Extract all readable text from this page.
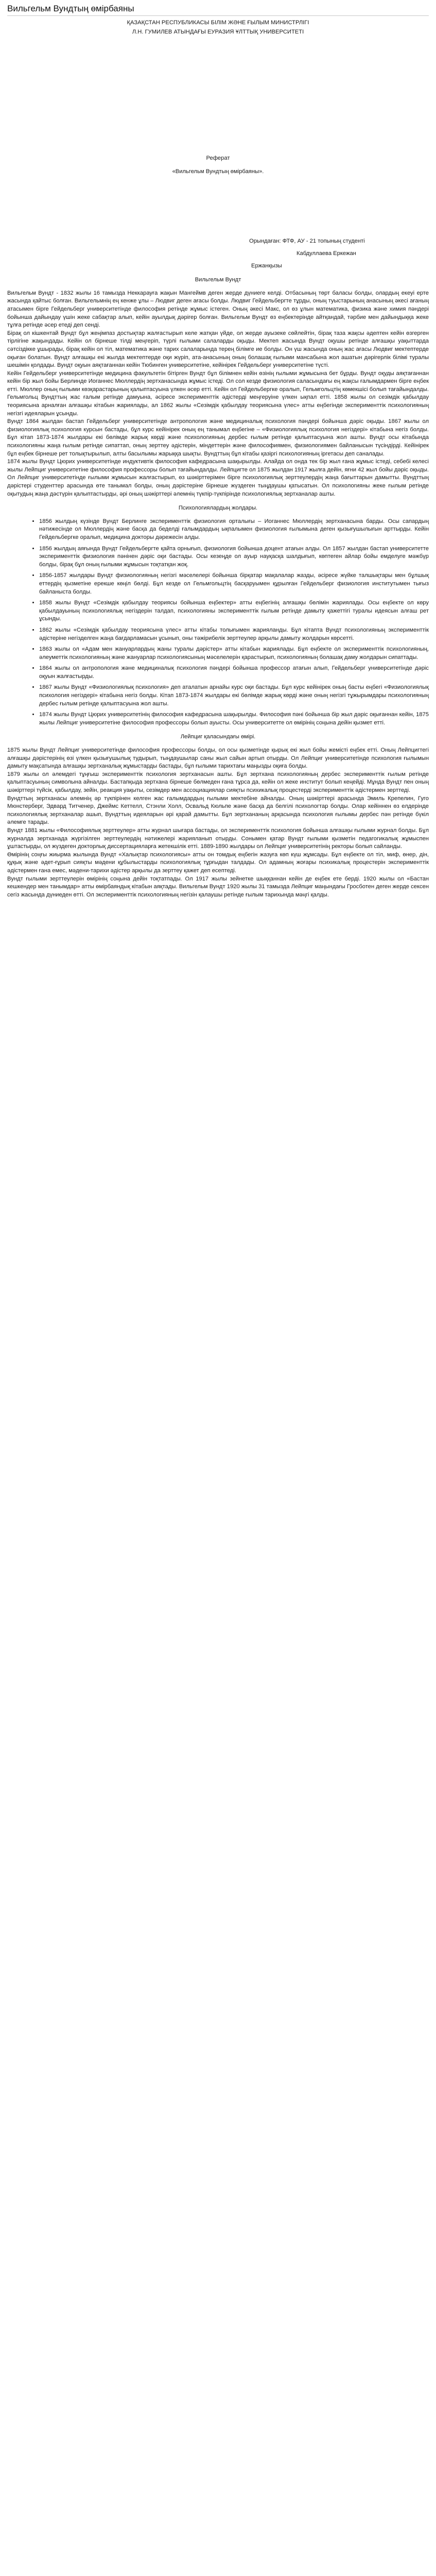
Вильгельм Вундтың өмірбаяны

ҚАЗАҚСТАН РЕСПУБЛИКАСЫ БІЛІМ ЖӘНЕ ҒЫЛЫМ МИНИСТРЛІГІ

Л.Н. ГУМИЛЕВ АТЫНДАҒЫ ЕУРАЗИЯ ҰЛТТЫҚ УНИВЕРСИТЕТІ

Реферат

«Вильгельм Вундтың өмірбаяны».

Орындаған: ФТФ, АУ - 21 топының студенті

Кабдуллаева Еркежан

Ержанқызы

Вильгельм Вундт

Вильгельм Вундт - 1832 жылы 16 тамызда Неккарауға жақын Мангеймв деген жерде дүниеге келді. Отбасының төрт баласы болды, олардың екеуі ерте жасында қайтыс болған. Вильгельмнің ең кенже ұлы – Людвиг деген ағасы болды. Людвиг Гейдельбергте тұрды, оның туыстарының анасының әкесі ағаның атасымен бірге Гейдельберг университетінде философия ретінде жұмыс істеген. Оның әкесі Макс, ол өз ұлын математика, физика және химия пәндері бойынша дайындау үшін жеке сабақтар алып, кейін ауылдық дәрігер болған. Вильгельм Вундт өз еңбектерінде айтқандай, тәрбие мен дайындыққа жеке тұлға ретінде әсер етеді деп сенді.

Бірақ ол кішкентай Вундт бұл жеңімпаз достықтар жалғастырып келе жатқан үйде, ол жерде ауызеке сөйлейтін, бірақ таза жақсы әдептен кейін өзгерген тірлігіне жақындады. Кейін ол бірнеше тілді меңгеріп, түрлі ғылыми салаларды оқыды. Мектеп жасында Вундт оқушы ретінде алғашқы уақыттарда сәтсіздікке ұшырады, бірақ кейін ол тіл, математика және тарих салаларында терең білімге ие болды. Он үш жасында оның жас ағасы Людвиг мектептерде оқыған болатын. Вундт алғашқы екі жылда мектептерде оқи жүріп, ата-анасының оның болашақ ғылыми мансабына жол ашатын дәрігерлік білімі туралы шешімін қолдады. Вундт оқуын аяқтағаннан кейін Тюбинген университетіне, кейінірек Гейдельберг университетіне түсті.

Кейін Гейдельберг университетінде медицина факультетін бітірген Вундт бұл білімнен кейін өзінің ғылыми жұмысына бет бұрды. Вундт оқуды аяқтағаннан кейін бір жыл бойы Берлинде Иоганнес Мюллердің зертханасында жұмыс істеді. Ол сол кезде физиология саласындағы ең жақсы ғалымдармен бірге еңбек етті. Мюллер оның ғылыми көзқарастарының қалыптасуына үлкен әсер етті. Кейін ол Гейдельбергке оралып, Гельмгольцтің көмекшісі болып тағайындалды. Гельмгольц Вундттың жас ғалым ретінде дамуына, әсіресе эксперименттік әдістерді меңгеруіне үлкен ықпал етті. 1858 жылы ол сезімдік қабылдау теориясына арналған алғашқы кітабын жариялады, ал 1862 жылы «Сезімдік қабылдау теориясына үлес» атты еңбегінде эксперименттік психологияның негізгі идеяларын ұсынды.

Вундт 1864 жылдан бастап Гейдельберг университетінде антропология және медициналық психология пәндері бойынша дәріс оқыды. 1867 жылы ол физиологиялық психология курсын бастады, бұл курс кейінірек оның ең танымал еңбегіне – «Физиологиялық психология негіздері» кітабына негіз болды. Бұл кітап 1873-1874 жылдары екі бөлімде жарық көрді және психологияның дербес ғылым ретінде қалыптасуына жол ашты. Вундт осы кітабында психологияны жаңа ғылым ретінде сипаттап, оның зерттеу әдістерін, міндеттерін және философиямен, физиологиямен байланысын түсіндірді. Кейінірек бұл еңбек бірнеше рет толықтырылып, алты басылымы жарыққа шықты. Вундттың бұл кітабы қазіргі психологияның іргетасы деп саналады.

1874 жылы Вундт Цюрих университетінде индуктивтік философия кафедрасына шақырылды. Алайда ол онда тек бір жыл ғана жұмыс істеді, себебі келесі жылы Лейпциг университетіне философия профессоры болып тағайындалды. Лейпцигте ол 1875 жылдан 1917 жылға дейін, яғни 42 жыл бойы дәріс оқыды. Ол Лейпциг университетінде ғылыми жұмысын жалғастырып, өз шәкірттерімен бірге психологиялық зерттеулердің жаңа бағыттарын дамытты. Вундттың дәрістері студенттер арасында өте танымал болды, оның дәрістеріне бірнеше жүздеген тыңдаушы қатысатын. Ол психологияны жеке ғылым ретінде оқытудың жаңа дәстүрін қалыптастырды, әрі оның шәкірттері әлемнің түкпір-түкпірінде психологиялық зертханалар ашты.

Психологиялардың жолдары.

• 1856 жылдың күзінде Вундт Берлинге эксперименттік физиология орталығы – Иоганнес Мюллердің зертханасына барды. Осы сапардың нәтижесінде ол Мюллердің және басқа да беделді ғалымдардың ықпалымен физиология ғылымына деген қызығушылығын арттырды. Кейін Гейдельбергке оралып, медицина докторы дәрежесін алды.
• 1856 жылдың аяғында Вундт Гейдельбергте қайта орнығып, физиология бойынша доцент атағын алды. Ол 1857 жылдан бастап университетте эксперименттік физиология пәнінен дәріс оқи бастады. Осы кезеңде ол ауыр науқасқа шалдығып, көптеген айлар бойы емделуге мәжбүр болды, бірақ бұл оның ғылыми жұмысын тоқтатқан жоқ.
• 1856-1857 жылдары Вундт физиологияның негізгі мәселелері бойынша бірқатар мақалалар жазды, әсіресе жүйке талшықтары мен бұлшық еттердің қызметіне ерекше көңіл бөлді. Бұл кезде ол Гельмгольцтің басқаруымен құрылған Гейдельберг физиология институтымен тығыз байланыста болды.
• 1858 жылы Вундт «Сезімдік қабылдау теориясы бойынша еңбектер» атты еңбегінің алғашқы бөлімін жариялады. Осы еңбекте ол көру қабылдауының психологиялық негіздерін талдап, психологияны эксперименттік ғылым ретінде дамыту қажеттігі туралы идеясын алғаш рет ұсынды.
• 1862 жылы «Сезімдік қабылдау теориясына үлес» атты кітабы толығымен жарияланды. Бұл кітапта Вундт психологияның эксперименттік әдістеріне негізделген жаңа бағдарламасын ұсынып, оны тәжірибелік зерттеулер арқылы дамыту жолдарын көрсетті.
• 1863 жылы ол «Адам мен жануарлардың жаны туралы дәрістер» атты кітабын жариялады. Бұл еңбекте ол эксперименттік психологияның, әлеуметтік психологияның және жануарлар психологиясының мәселелерін қарастырып, психологияның болашақ даму жолдарын сипаттады.
• 1864 жылы ол антропология және медициналық психология пәндері бойынша профессор атағын алып, Гейдельберг университетінде дәріс оқуын жалғастырды.
• 1867 жылы Вундт «Физиологиялық психология» деп аталатын арнайы курс оқи бастады. Бұл курс кейінірек оның басты еңбегі «Физиологиялық психология негіздері» кітабына негіз болды. Кітап 1873-1874 жылдары екі бөлімде жарық көрді және оның негізгі тұжырымдары психологияның дербес ғылым ретінде қалыптасуына жол ашты.
• 1874 жылы Вундт Цюрих университетінің философия кафедрасына шақырылды. Философия пәні бойынша бір жыл дәріс оқығаннан кейін, 1875 жылы Лейпциг университетіне философия профессоры болып ауысты. Осы университетте ол өмірінің соңына дейін қызмет етті.

Лейпциг қаласындағы өмірі.

1875 жылы Вундт Лейпциг университетінде философия профессоры болды, ол осы қызметінде қырық екі жыл бойы жемісті еңбек етті. Оның Лейпцигтегі алғашқы дәрістерінің өзі үлкен қызығушылық тудырып, тыңдаушылар саны жыл сайын артып отырды. Ол Лейпциг университетінде психология ғылымын дамыту мақсатында алғашқы зертханалық жұмыстарды бастады, бұл ғылыми тарихтағы маңызды оқиға болды.

1879 жылы ол әлемдегі тұңғыш эксперименттік психология зертханасын ашты. Бұл зертхана психологияның дербес эксперименттік ғылым ретінде қалыптасуының символына айналды. Бастапқыда зертхана бірнеше бөлмеден ғана тұрса да, кейін ол жеке институт болып кеңейді. Мұнда Вундт пен оның шәкірттері түйсік, қабылдау, зейін, реакция уақыты, сезімдер мен ассоциациялар сияқты психикалық процестерді эксперименттік әдістермен зерттеді.

Вундттың зертханасы әлемнің әр түкпірінен келген жас ғалымдардың ғылыми мектебіне айналды. Оның шәкірттері арасында Эмиль Крепелин, Гуго Мюнстерберг, Эдвард Титченер, Джеймс Кеттелл, Стэнли Холл, Освальд Кюльпе және басқа да белгілі психологтар болды. Олар кейіннен өз елдерінде психологиялық зертханалар ашып, Вундттың идеяларын әрі қарай дамытты. Бұл зертхананың арқасында психология ғылымы дербес пән ретінде бүкіл әлемге тарады.

Вундт 1881 жылы «Философиялық зерттеулер» атты журнал шығара бастады, ол эксперименттік психология бойынша алғашқы ғылыми журнал болды. Бұл журналда зертханада жүргізілген зерттеулердің нәтижелері жарияланып отырды. Сонымен қатар Вундт ғылыми қызметін педагогикалық жұмыспен ұштастырды, ол жүздеген докторлық диссертацияларға жетекшілік етті. 1889-1890 жылдары ол Лейпциг университетінің ректоры болып сайланды.

Өмірінің соңғы жиырма жылында Вундт «Халықтар психологиясы» атты он томдық еңбегін жазуға көп күш жұмсады. Бұл еңбекте ол тіл, миф, өнер, дін, құқық және әдет-ғұрып сияқты мәдени құбылыстарды психологиялық тұрғыдан талдады. Ол адамның жоғары психикалық процестерін эксперименттік әдістермен ғана емес, мәдени-тарихи әдістер арқылы да зерттеу қажет деп есептеді.

Вундт ғылыми зерттеулерін өмірінің соңына дейін тоқтатпады. Ол 1917 жылы зейнетке шыққаннан кейін де еңбек ете берді. 1920 жылы ол «Бастан кешкендер мен танымдар» атты өмірбаяндық кітабын аяқтады. Вильгельм Вундт 1920 жылы 31 тамызда Лейпциг маңындағы Гросботен деген жерде сексен сегіз жасында дүниеден өтті. Ол эксперименттік психологияның негізін қалаушы ретінде ғылым тарихында мәңгі қалды.
